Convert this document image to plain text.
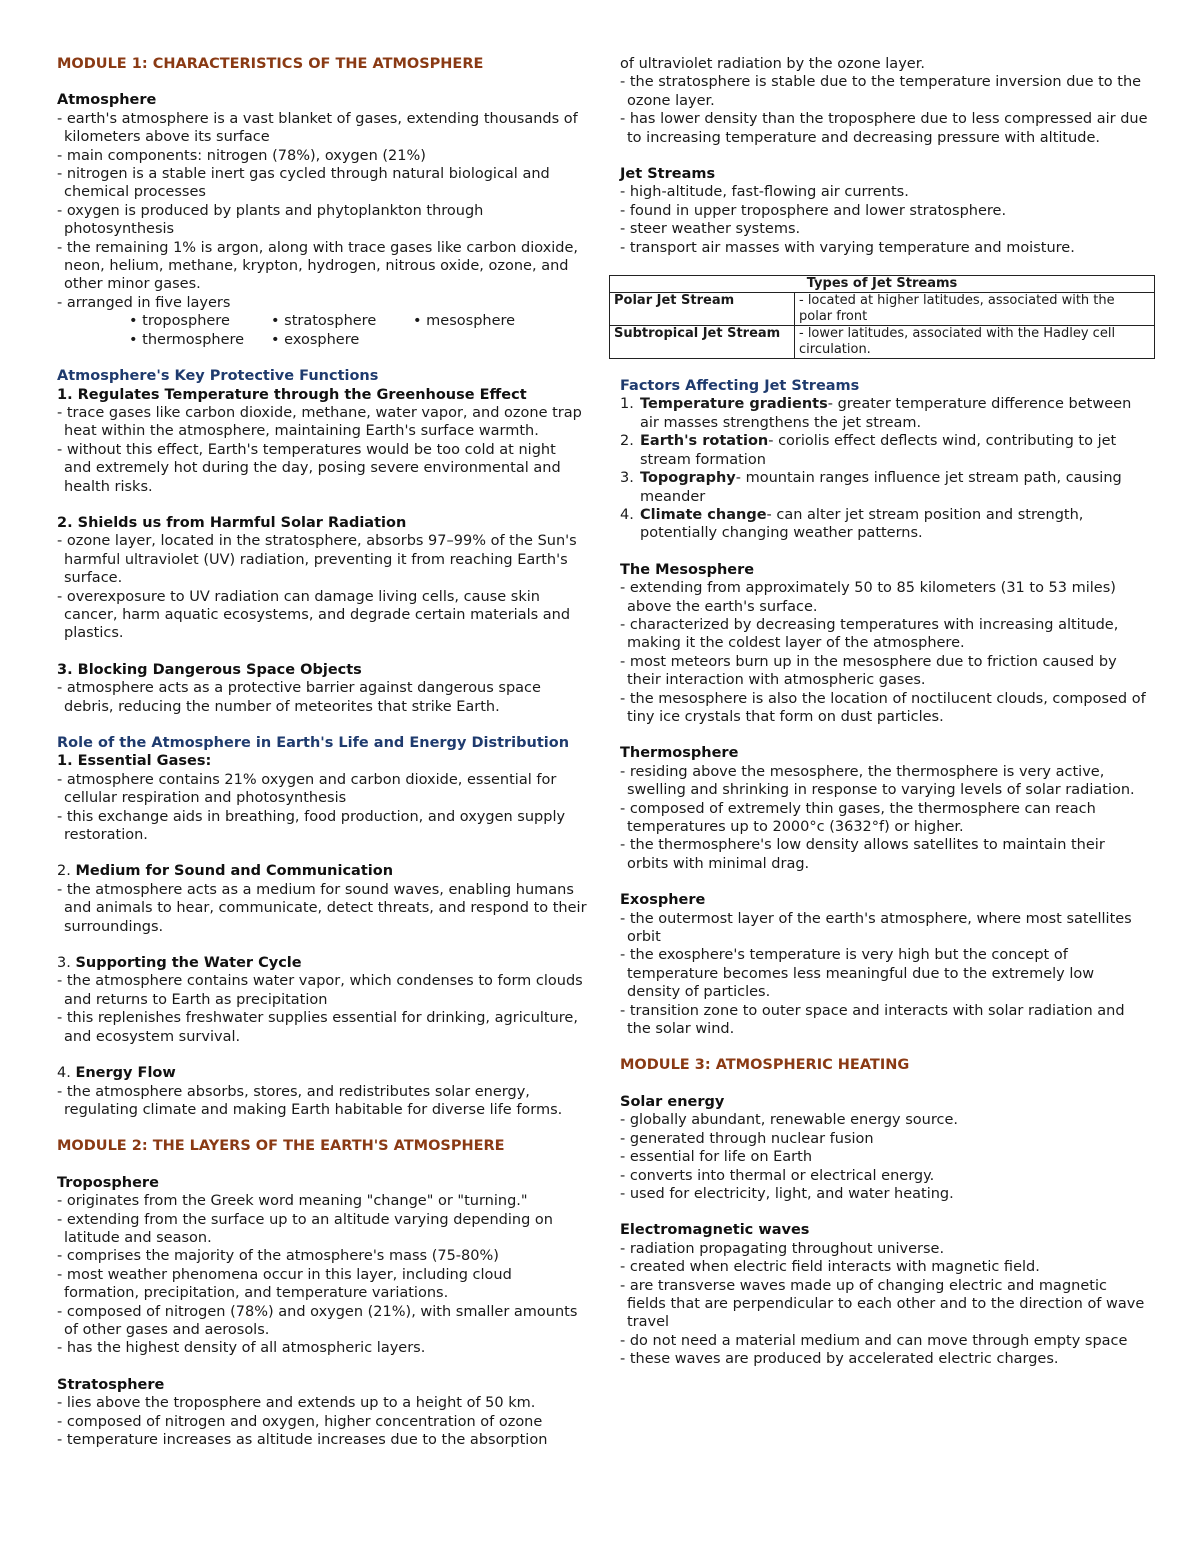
MODULE 1: CHARACTERISTICS OF THE ATMOSPHERE
Atmosphere
- earth's atmosphere is a vast blanket of gases, extending thousands of kilometers above its surface
- main components: nitrogen (78%), oxygen (21%)
- nitrogen is a stable inert gas cycled through natural biological and chemical processes
- oxygen is produced by plants and phytoplankton through photosynthesis
- the remaining 1% is argon, along with trace gases like carbon dioxide, neon, helium, methane, krypton, hydrogen, nitrous oxide, ozone, and other minor gases.
- arranged in five layers
• troposphere	• stratosphere	• mesosphere
• thermosphere	• exosphere
Atmosphere's Key Protective Functions
1. Regulates Temperature through the Greenhouse Effect
- trace gases like carbon dioxide, methane, water vapor, and ozone trap heat within the atmosphere, maintaining Earth's surface warmth.
- without this effect, Earth's temperatures would be too cold at night and extremely hot during the day, posing severe environmental and health risks.
2. Shields us from Harmful Solar Radiation
- ozone layer, located in the stratosphere, absorbs 97–99% of the Sun's harmful ultraviolet (UV) radiation, preventing it from reaching Earth's surface.
- overexposure to UV radiation can damage living cells, cause skin cancer, harm aquatic ecosystems, and degrade certain materials and plastics.
3. Blocking Dangerous Space Objects
- atmosphere acts as a protective barrier against dangerous space debris, reducing the number of meteorites that strike Earth.
Role of the Atmosphere in Earth's Life and Energy Distribution
1. Essential Gases:
- atmosphere contains 21% oxygen and carbon dioxide, essential for cellular respiration and photosynthesis
- this exchange aids in breathing, food production, and oxygen supply restoration.
2. Medium for Sound and Communication
- the atmosphere acts as a medium for sound waves, enabling humans and animals to hear, communicate, detect threats, and respond to their surroundings.
3. Supporting the Water Cycle
- the atmosphere contains water vapor, which condenses to form clouds and returns to Earth as precipitation
- this replenishes freshwater supplies essential for drinking, agriculture, and ecosystem survival.
4. Energy Flow
- the atmosphere absorbs, stores, and redistributes solar energy, regulating climate and making Earth habitable for diverse life forms.
MODULE 2: THE LAYERS OF THE EARTH'S ATMOSPHERE
Troposphere
- originates from the Greek word meaning "change" or "turning."
- extending from the surface up to an altitude varying depending on latitude and season.
- comprises the majority of the atmosphere's mass (75-80%)
- most weather phenomena occur in this layer, including cloud formation, precipitation, and temperature variations.
- composed of nitrogen (78%) and oxygen (21%), with smaller amounts of other gases and aerosols.
- has the highest density of all atmospheric layers.
Stratosphere
- lies above the troposphere and extends up to a height of 50 km.
- composed of nitrogen and oxygen, higher concentration of ozone
- temperature increases as altitude increases due to the absorption
of ultraviolet radiation by the ozone layer.
- the stratosphere is stable due to the temperature inversion due to the ozone layer.
- has lower density than the troposphere due to less compressed air due to increasing temperature and decreasing pressure with altitude.
Jet Streams
- high-altitude, fast-flowing air currents.
- found in upper troposphere and lower stratosphere.
- steer weather systems.
- transport air masses with varying temperature and moisture.
Types of Jet Streams	
Polar Jet Stream	- located at higher latitudes, associated with the polar front
Subtropical Jet Stream	- lower latitudes, associated with the Hadley cell circulation.
Factors Affecting Jet Streams
1. Temperature gradients- greater temperature difference between air masses strengthens the jet stream.
2. Earth's rotation- coriolis effect deflects wind, contributing to jet stream formation
3. Topography- mountain ranges influence jet stream path, causing meander
4. Climate change- can alter jet stream position and strength, potentially changing weather patterns.
The Mesosphere
- extending from approximately 50 to 85 kilometers (31 to 53 miles) above the earth's surface.
- characterized by decreasing temperatures with increasing altitude, making it the coldest layer of the atmosphere.
- most meteors burn up in the mesosphere due to friction caused by their interaction with atmospheric gases.
- the mesosphere is also the location of noctilucent clouds, composed of tiny ice crystals that form on dust particles.
Thermosphere
- residing above the mesosphere, the thermosphere is very active, swelling and shrinking in response to varying levels of solar radiation.
- composed of extremely thin gases, the thermosphere can reach temperatures up to 2000°c (3632°f) or higher.
- the thermosphere's low density allows satellites to maintain their orbits with minimal drag.
Exosphere
- the outermost layer of the earth's atmosphere, where most satellites orbit
- the exosphere's temperature is very high but the concept of temperature becomes less meaningful due to the extremely low density of particles.
- transition zone to outer space and interacts with solar radiation and the solar wind.
MODULE 3: ATMOSPHERIC HEATING
Solar energy
- globally abundant, renewable energy source.
- generated through nuclear fusion
- essential for life on Earth
- converts into thermal or electrical energy.
- used for electricity, light, and water heating.
Electromagnetic waves
- radiation propagating throughout universe.
- created when electric field interacts with magnetic field.
- are transverse waves made up of changing electric and magnetic fields that are perpendicular to each other and to the direction of wave travel
- do not need a material medium and can move through empty space
- these waves are produced by accelerated electric charges.
